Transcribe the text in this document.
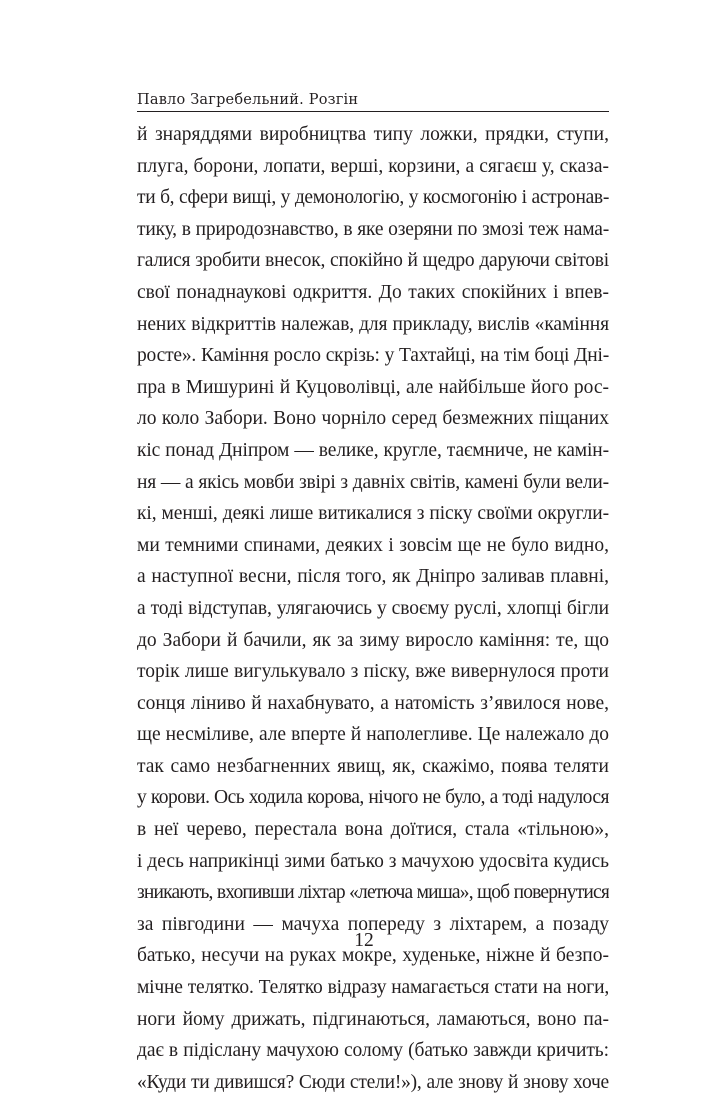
Павло Загребельний. Розгін
й знаряддями виробництва типу ложки, прядки, ступи,
плуга, борони, лопати, верші, корзини, а сягаєш у, сказа-
ти б, сфери вищі, у демонологію, у космогонію і астронав-
тику, в природознавство, в яке озеряни по змозі теж нама-
галися зробити внесок, спокійно й щедро даруючи світові
свої понаднаукові одкриття. До таких спокійних і впев-
нених відкриттів належав, для прикладу, вислів «каміння
росте». Каміння росло скрізь: у Тахтайці, на тім боці Дні-
пра в Мишурині й Куцоволівці, але найбільше його рос-
ло коло Забори. Воно чорніло серед безмежних піщаних
кіс понад Дніпром — велике, кругле, таємниче, не камін-
ня — а якісь мовби звірі з давніх світів, камені були вели-
кі, менші, деякі лише витикалися з піску своїми округли-
ми темними спинами, деяких і зовсім ще не було видно,
а наступної весни, після того, як Дніпро заливав плавні,
а тоді відступав, улягаючись у своєму руслі, хлопці бігли
до Забори й бачили, як за зиму виросло каміння: те, що
торік лише вигулькувало з піску, вже вивернулося проти
сонця ліниво й нахабнувато, а натомість з’явилося нове,
ще несміливе, але вперте й наполегливе. Це належало до
так само незбагненних явищ, як, скажімо, поява теляти
у корови. Ось ходила корова, нічого не було, а тоді надулося
в неї черево, перестала вона доїтися, стала «тільною»,
і десь наприкінці зими батько з мачухою удосвіта кудись
зникають, вхопивши ліхтар «летюча миша», щоб повернутися
за півгодини — мачуха попереду з ліхтарем, а позаду
батько, несучи на руках мокре, худеньке, ніжне й безпо-
мічне телятко. Телятко відразу намагається стати на ноги,
ноги йому дрижать, підгинаються, ламаються, воно па-
дає в підіслану мачухою солому (батько завжди кричить:
«Куди ти дивишся? Сюди стели!»), але знову й знову хоче
12
